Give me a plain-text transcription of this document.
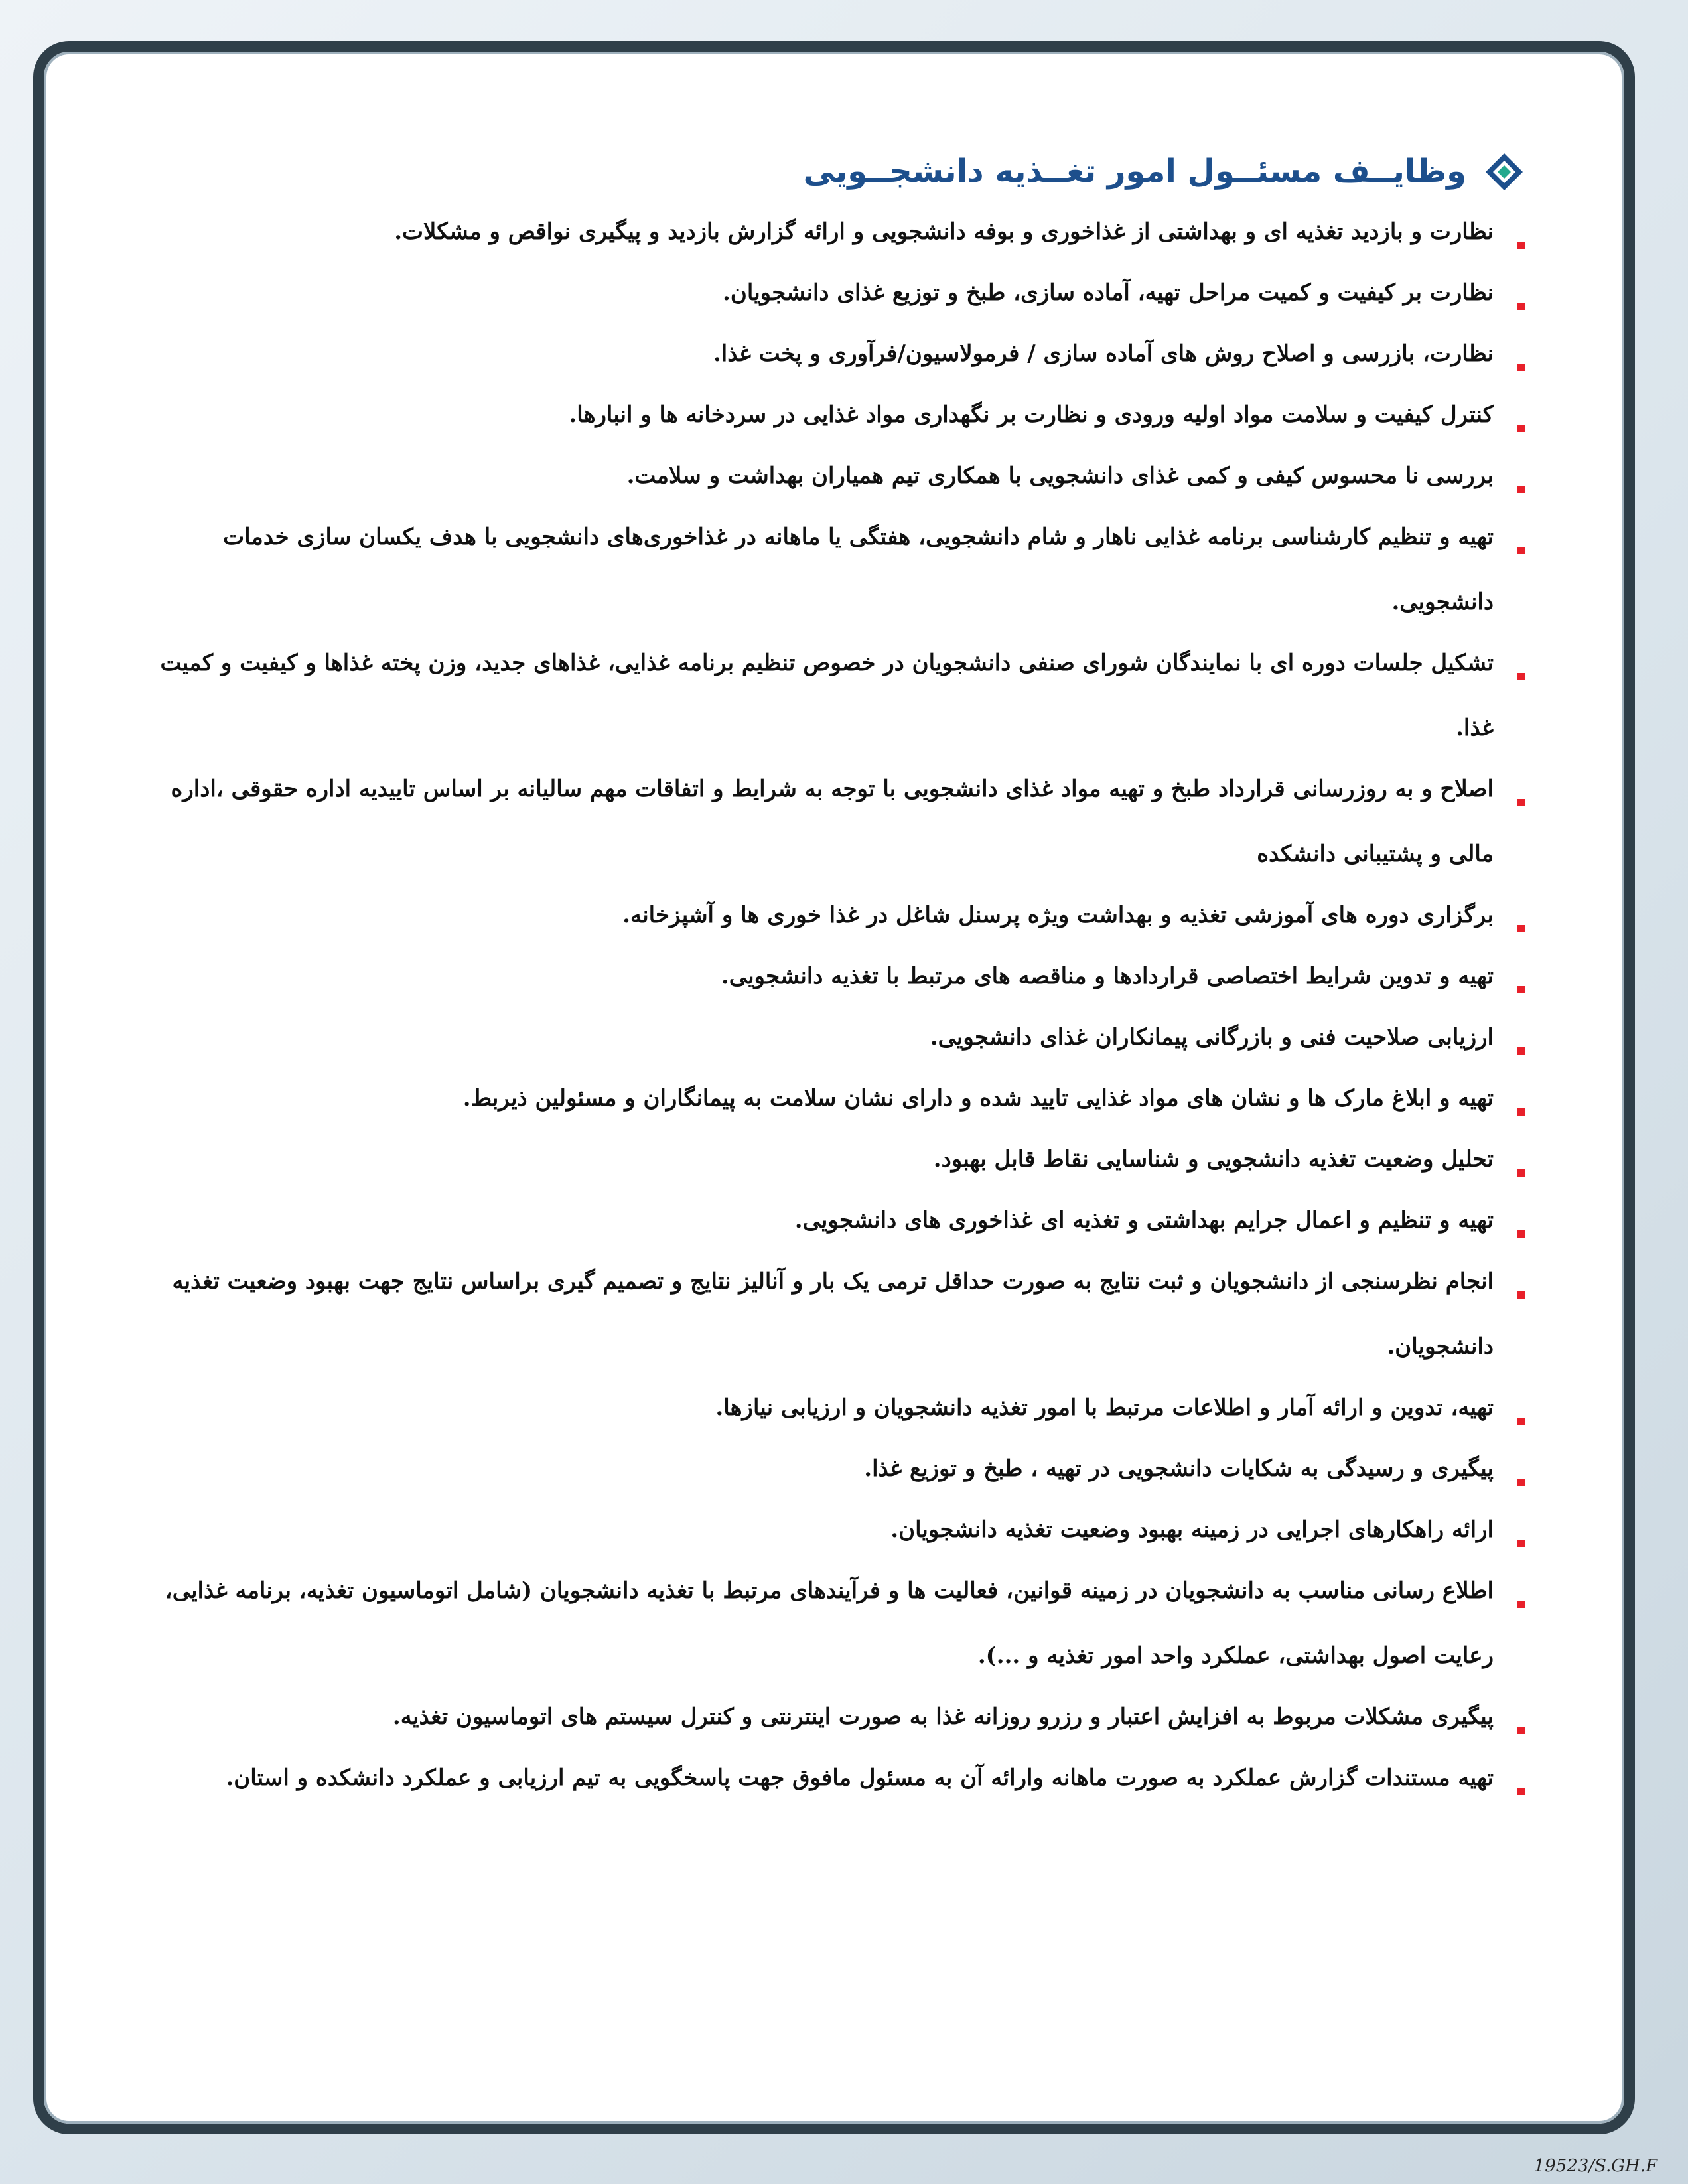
وظایــف مسئــول امور تغــذیه دانشجــویی
نظارت و بازدید تغذیه ای و بهداشتی از غذاخوری و بوفه دانشجویی و ارائه گزارش بازدید و پیگیری نواقص و مشکلات.
نظارت بر کیفیت و کمیت مراحل تهیه، آماده سازی، طبخ و توزیع غذای دانشجویان.
نظارت، بازرسی و اصلاح روش های آماده سازی / فرمولاسیون/فرآوری و پخت غذا.
کنترل کیفیت و سلامت مواد اولیه ورودی و نظارت بر نگهداری مواد غذایی در سردخانه ها و انبارها.
بررسی نا محسوس کیفی و کمی غذای دانشجویی با همکاری تیم همیاران بهداشت و سلامت.
تهیه و تنظیم کارشناسی برنامه غذایی ناهار و شام دانشجویی، هفتگی یا ماهانه در غذاخوری‌های دانشجویی با هدف یکسان سازی خدمات دانشجویی.
تشکیل جلسات دوره ای با نمایندگان شورای صنفی دانشجویان در خصوص تنظیم برنامه غذایی، غذاهای جدید، وزن پخته غذاها و کیفیت و کمیت غذا.
اصلاح و به روزرسانی قرارداد طبخ و تهیه مواد غذای دانشجویی با توجه به شرایط و اتفاقات مهم سالیانه بر اساس تاییدیه اداره حقوقی ،اداره مالی و پشتیبانی دانشکده
برگزاری دوره های آموزشی تغذیه و بهداشت ویژه پرسنل شاغل در غذا خوری ها و آشپزخانه.
تهیه و تدوین شرایط اختصاصی قراردادها و مناقصه های مرتبط با تغذیه دانشجویی.
ارزیابی صلاحیت فنی و بازرگانی پیمانکاران غذای دانشجویی.
تهیه و ابلاغ مارک ها و نشان های مواد غذایی تایید شده و دارای نشان سلامت به پیمانگاران و مسئولین ذیربط.
تحلیل وضعیت تغذیه دانشجویی و شناسایی نقاط قابل بهبود.
تهیه و تنظیم و اعمال جرایم بهداشتی و تغذیه ای غذاخوری های دانشجویی.
انجام نظرسنجی از دانشجویان و ثبت نتایج به صورت حداقل ترمی یک بار و آنالیز نتایج و تصمیم گیری براساس نتایج جهت بهبود وضعیت تغذیه دانشجویان.
تهیه، تدوین و ارائه آمار و اطلاعات مرتبط با امور تغذیه دانشجویان و ارزیابی نیازها.
پیگیری و رسیدگی به شکایات دانشجویی در تهیه ، طبخ و توزیع غذا.
ارائه راهکارهای اجرایی در زمینه بهبود وضعیت تغذیه دانشجویان.
اطلاع رسانی مناسب به دانشجویان در زمینه قوانین، فعالیت ها و فرآیندهای مرتبط با تغذیه دانشجویان (شامل اتوماسیون تغذیه، برنامه غذایی، رعایت اصول بهداشتی، عملکرد واحد امور تغذیه و ...).
پیگیری مشکلات مربوط به افزایش اعتبار و رزرو روزانه غذا به صورت اینترنتی و کنترل سیستم های اتوماسیون تغذیه.
تهیه مستندات گزارش عملکرد به صورت ماهانه وارائه آن به مسئول مافوق جهت پاسخگویی به تیم ارزیابی و عملکرد دانشکده و استان.
19523/S.GH.F
